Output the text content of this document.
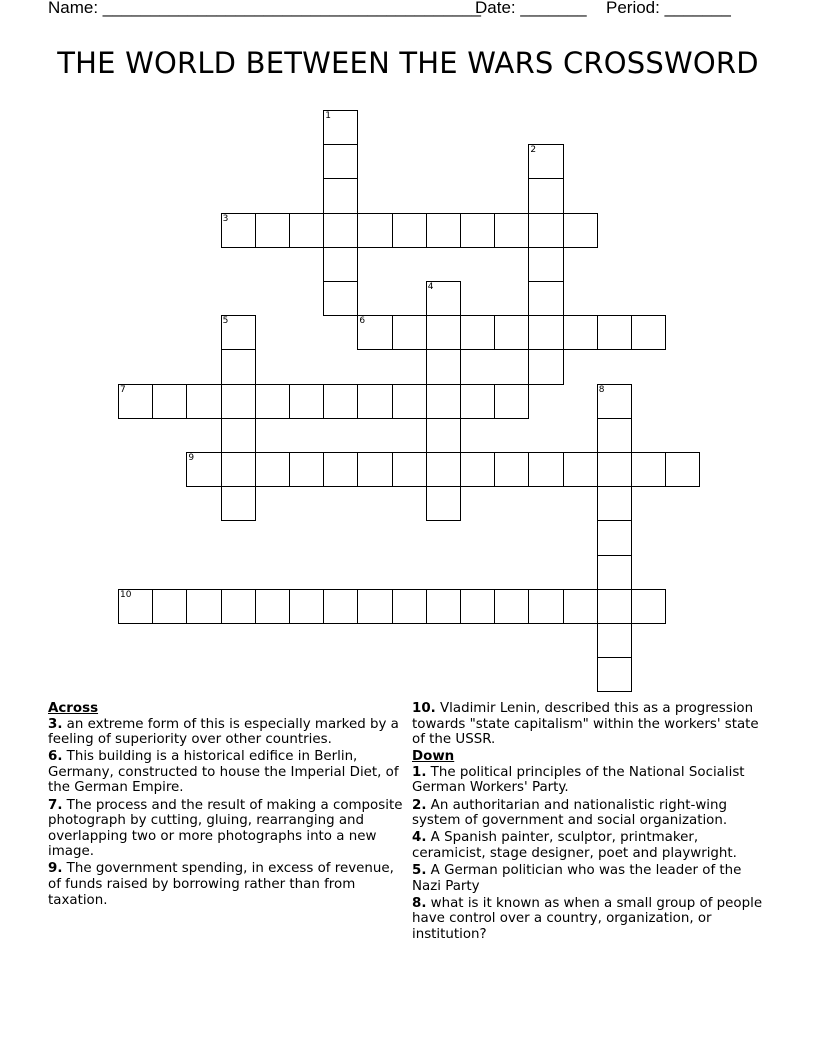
Name: ________________________________________
Date: _______ Period: _______
THE WORLD BETWEEN THE WARS CROSSWORD
1
2
3
4
5	6
7	8
9
10

Across

3. an extreme form of this is especially marked by a feeling of superiority over other countries.

6. This building is a historical edifice in Berlin, Germany, constructed to house the Imperial Diet, of the German Empire.

7. The process and the result of making a composite photograph by cutting, gluing, rearranging and overlapping two or more photographs into a new image.

9. The government spending, in excess of revenue, of funds raised by borrowing rather than from taxation.

10. Vladimir Lenin, described this as a progression towards "state capitalism" within the workers' state of the USSR.

Down

1. The political principles of the National Socialist German Workers' Party.

2. An authoritarian and nationalistic right-wing system of government and social organization.

4. A Spanish painter, sculptor, printmaker, ceramicist, stage designer, poet and playwright.

5. A German politician who was the leader of the Nazi Party

8. what is it known as when a small group of people have control over a country, organization, or institution?
